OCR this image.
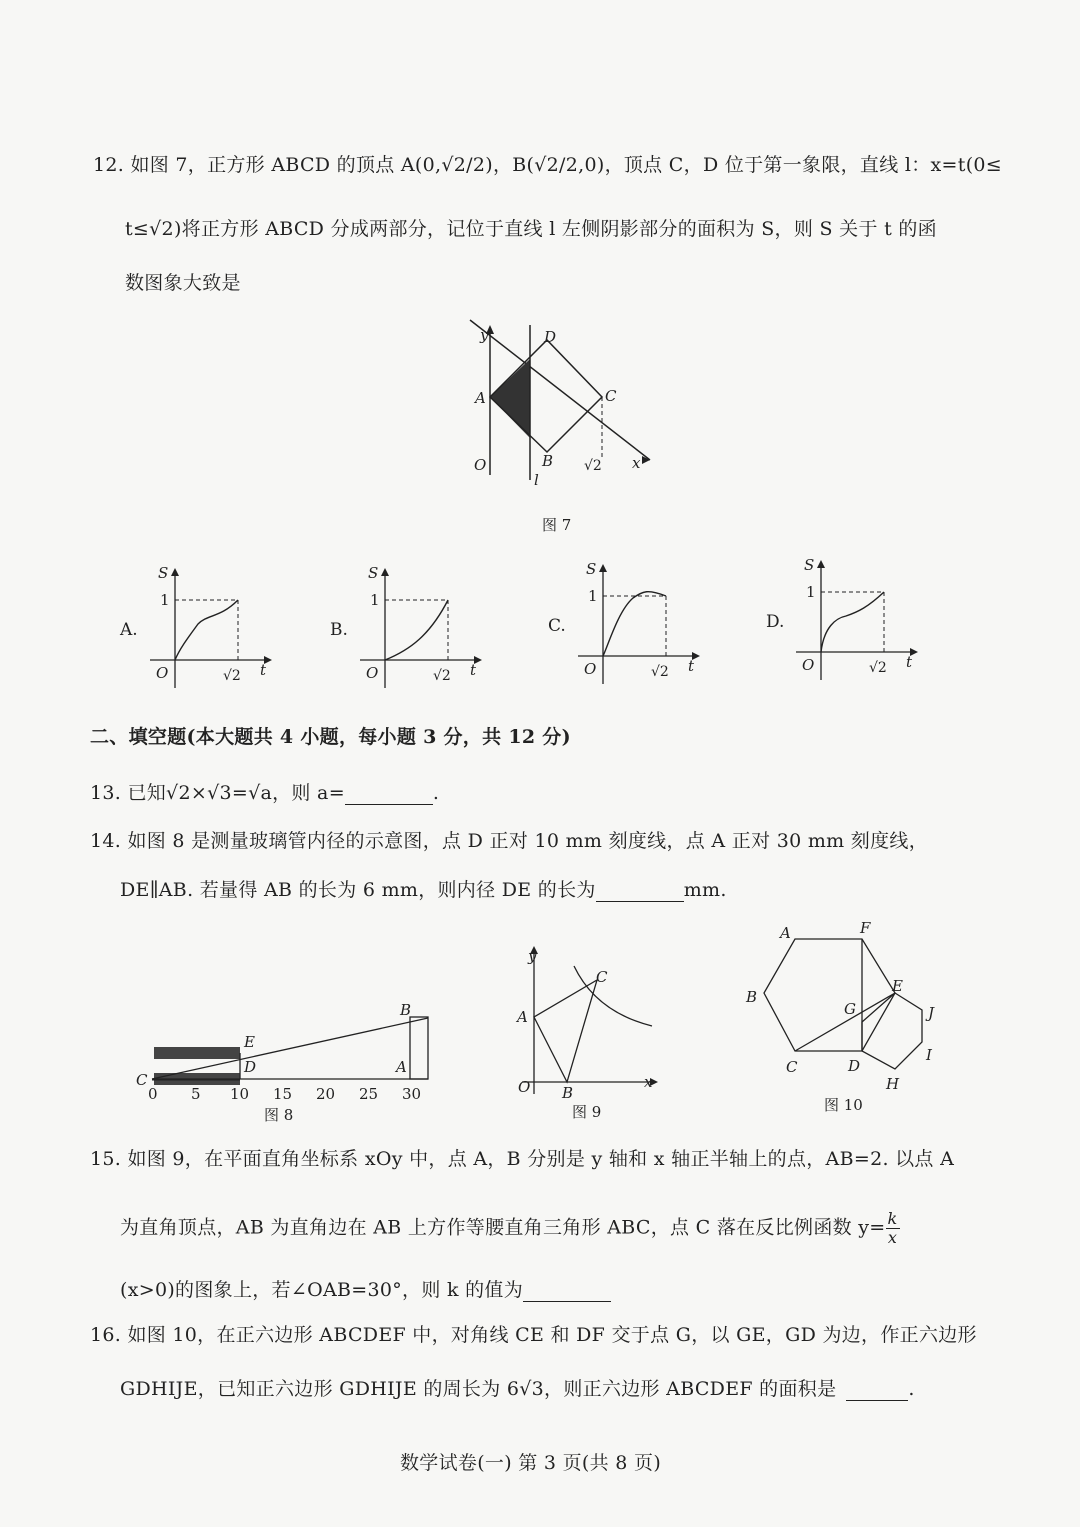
12. 如图 7，正方形 ABCD 的顶点 A(0,√2/2)，B(√2/2,0)，顶点 C，D 位于第一象限，直线 l：x=t(0≤
t≤√2)将正方形 ABCD 分成两部分，记位于直线 l 左侧阴影部分的面积为 S，则 S 关于 t 的函
数图象大致是
y
x
O
A
B
C
D
l
√2
图 7
A.
S
1
O	√2 t
B.
S
1
O	√2 t
C.
S
1
O	√2 t
D.
S
1
O	√2 t
二、填空题(本大题共 4 小题，每小题 3 分，共 12 分)
13. 已知√2×√3=√a，则 a=	.
14. 如图 8 是测量玻璃管内径的示意图，点 D 正对 10 mm 刻度线，点 A 正对 30 mm 刻度线，
DE∥AB. 若量得 AB 的长为 6 mm，则内径 DE 的长为	mm.
B
E
D	A
C
0 5 10 15 20 25 30
图 8
y
x
O
A
B
C
图 9
A	F
B
E
G	J
C	D
I
H
图 10
15. 如图 9，在平面直角坐标系 xOy 中，点 A，B 分别是 y 轴和 x 轴正半轴上的点，AB=2. 以点 A
为直角顶点，AB 为直角边在 AB 上方作等腰直角三角形 ABC，点 C 落在反比例函数 $y= \frac{k}{x}$
(x>0)的图象上，若∠OAB=30°，则 k 的值为
16. 如图 10，在正六边形 ABCDEF 中，对角线 CE 和 DF 交于点 G，以 GE，GD 为边，作正六边形
GDHIJE，已知正六边形 GDHIJE 的周长为 6√3，则正六边形 ABCDEF 的面积是	.
数学试卷(一) 第 3 页(共 8 页)
